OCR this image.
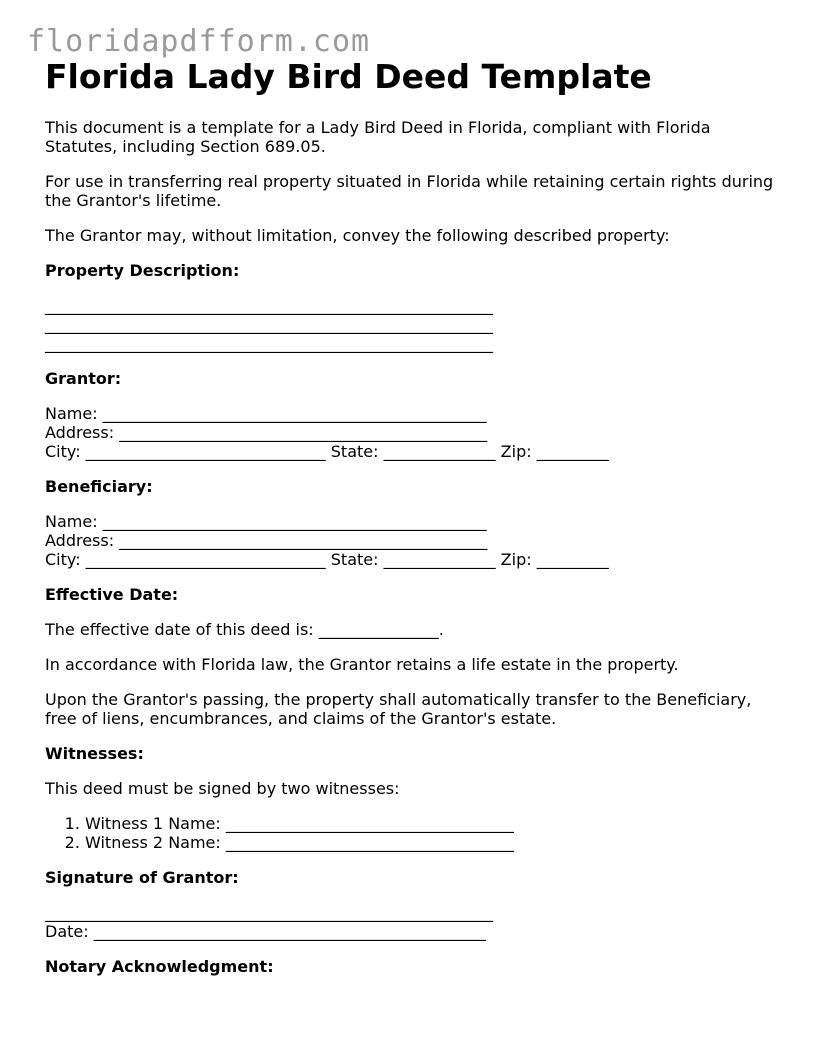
floridapdfform.com
Florida Lady Bird Deed Template

This document is a template for a Lady Bird Deed in Florida, compliant with Florida Statutes, including Section 689.05.

For use in transferring real property situated in Florida while retaining certain rights during the Grantor's lifetime.

The Grantor may, without limitation, convey the following described property:

Property Description:
________________________________________________________
________________________________________________________
________________________________________________________
Grantor:
Name: ________________________________________________
Address: ______________________________________________
City: ______________________________ State: ______________ Zip: _________
Beneficiary:
Name: ________________________________________________
Address: ______________________________________________
City: ______________________________ State: ______________ Zip: _________
Effective Date:

The effective date of this deed is: _______________.

In accordance with Florida law, the Grantor retains a life estate in the property.

Upon the Grantor's passing, the property shall automatically transfer to the Beneficiary, free of liens, encumbrances, and claims of the Grantor's estate.

Witnesses:

This deed must be signed by two witnesses:

1. Witness 1 Name: ____________________________________
2. Witness 2 Name: ____________________________________
Signature of Grantor:
________________________________________________________
Date: _________________________________________________
Notary Acknowledgment:
